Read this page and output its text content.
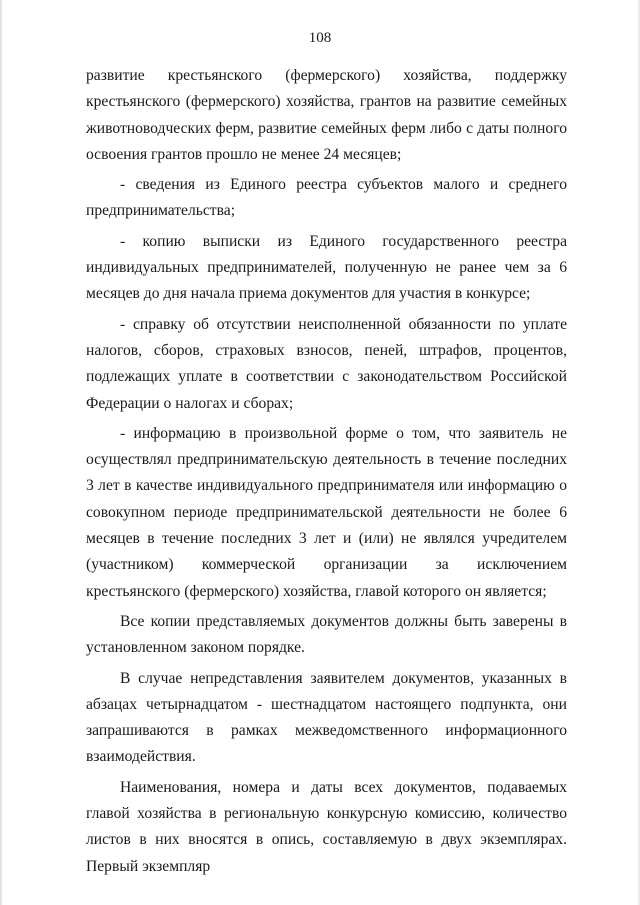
108

развитие крестьянского (фермерского) хозяйства, поддержку крестьянского (фермерского) хозяйства, грантов на развитие семейных животноводческих ферм, развитие семейных ферм либо с даты полного освоения грантов прошло не менее 24 месяцев;

- сведения из Единого реестра субъектов малого и среднего предпринимательства;

- копию выписки из Единого государственного реестра индивидуальных предпринимателей, полученную не ранее чем за 6 месяцев до дня начала приема документов для участия в конкурсе;

- справку об отсутствии неисполненной обязанности по уплате налогов, сборов, страховых взносов, пеней, штрафов, процентов, подлежащих уплате в соответствии с законодательством Российской Федерации о налогах и сборах;

- информацию в произвольной форме о том, что заявитель не осуществлял предпринимательскую деятельность в течение последних 3 лет в качестве индивидуального предпринимателя или информацию о совокупном периоде предпринимательской деятельности не более 6 месяцев в течение последних 3 лет и (или) не являлся учредителем (участником) коммерческой организации за исключением крестьянского (фермерского) хозяйства, главой которого он является;

Все копии представляемых документов должны быть заверены в установленном законом порядке.

В случае непредставления заявителем документов, указанных в абзацах четырнадцатом - шестнадцатом настоящего подпункта, они запрашиваются в рамках межведомственного информационного взаимодействия.

Наименования, номера и даты всех документов, подаваемых главой хозяйства в региональную конкурсную комиссию, количество листов в них вносятся в опись, составляемую в двух экземплярах. Первый экземпляр
